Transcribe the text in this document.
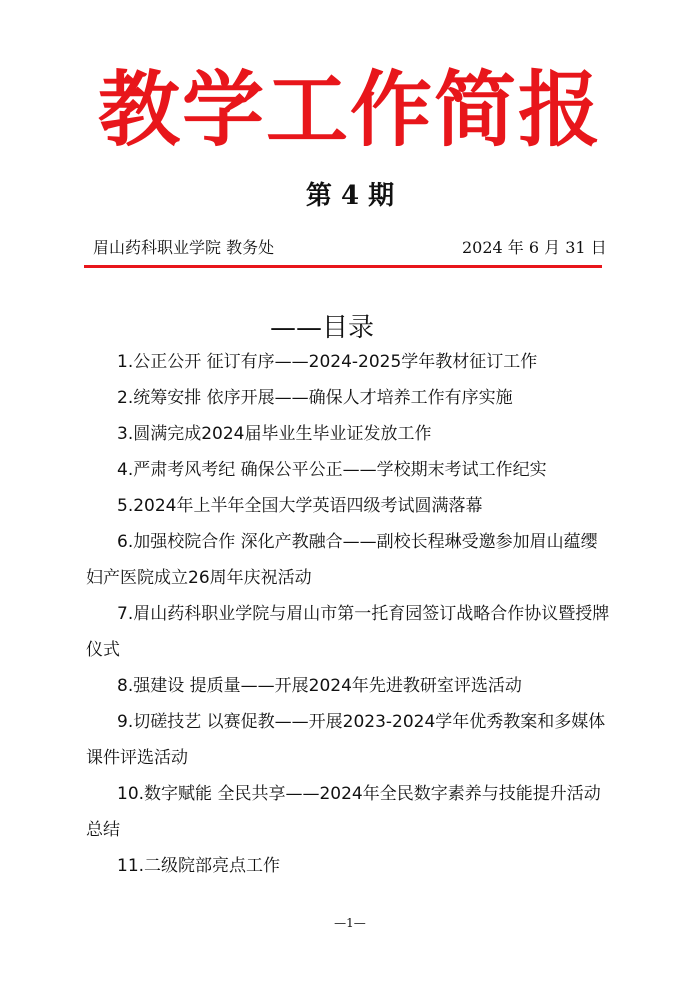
教学工作简报
第 4 期
眉山药科职业学院 教务处	2024 年 6 月 31 日
——目录
1.公正公开 征订有序——2024-2025学年教材征订工作
2.统筹安排 依序开展——确保人才培养工作有序实施
3.圆满完成2024届毕业生毕业证发放工作
4.严肃考风考纪 确保公平公正——学校期末考试工作纪实
5.2024年上半年全国大学英语四级考试圆满落幕
6.加强校院合作 深化产教融合——副校长程琳受邀参加眉山蕴缨妇产医院成立26周年庆祝活动
7.眉山药科职业学院与眉山市第一托育园签订战略合作协议暨授牌仪式
8.强建设 提质量——开展2024年先进教研室评选活动
9.切磋技艺 以赛促教——开展2023-2024学年优秀教案和多媒体课件评选活动
10.数字赋能 全民共享——2024年全民数字素养与技能提升活动总结
11.二级院部亮点工作
—1—
